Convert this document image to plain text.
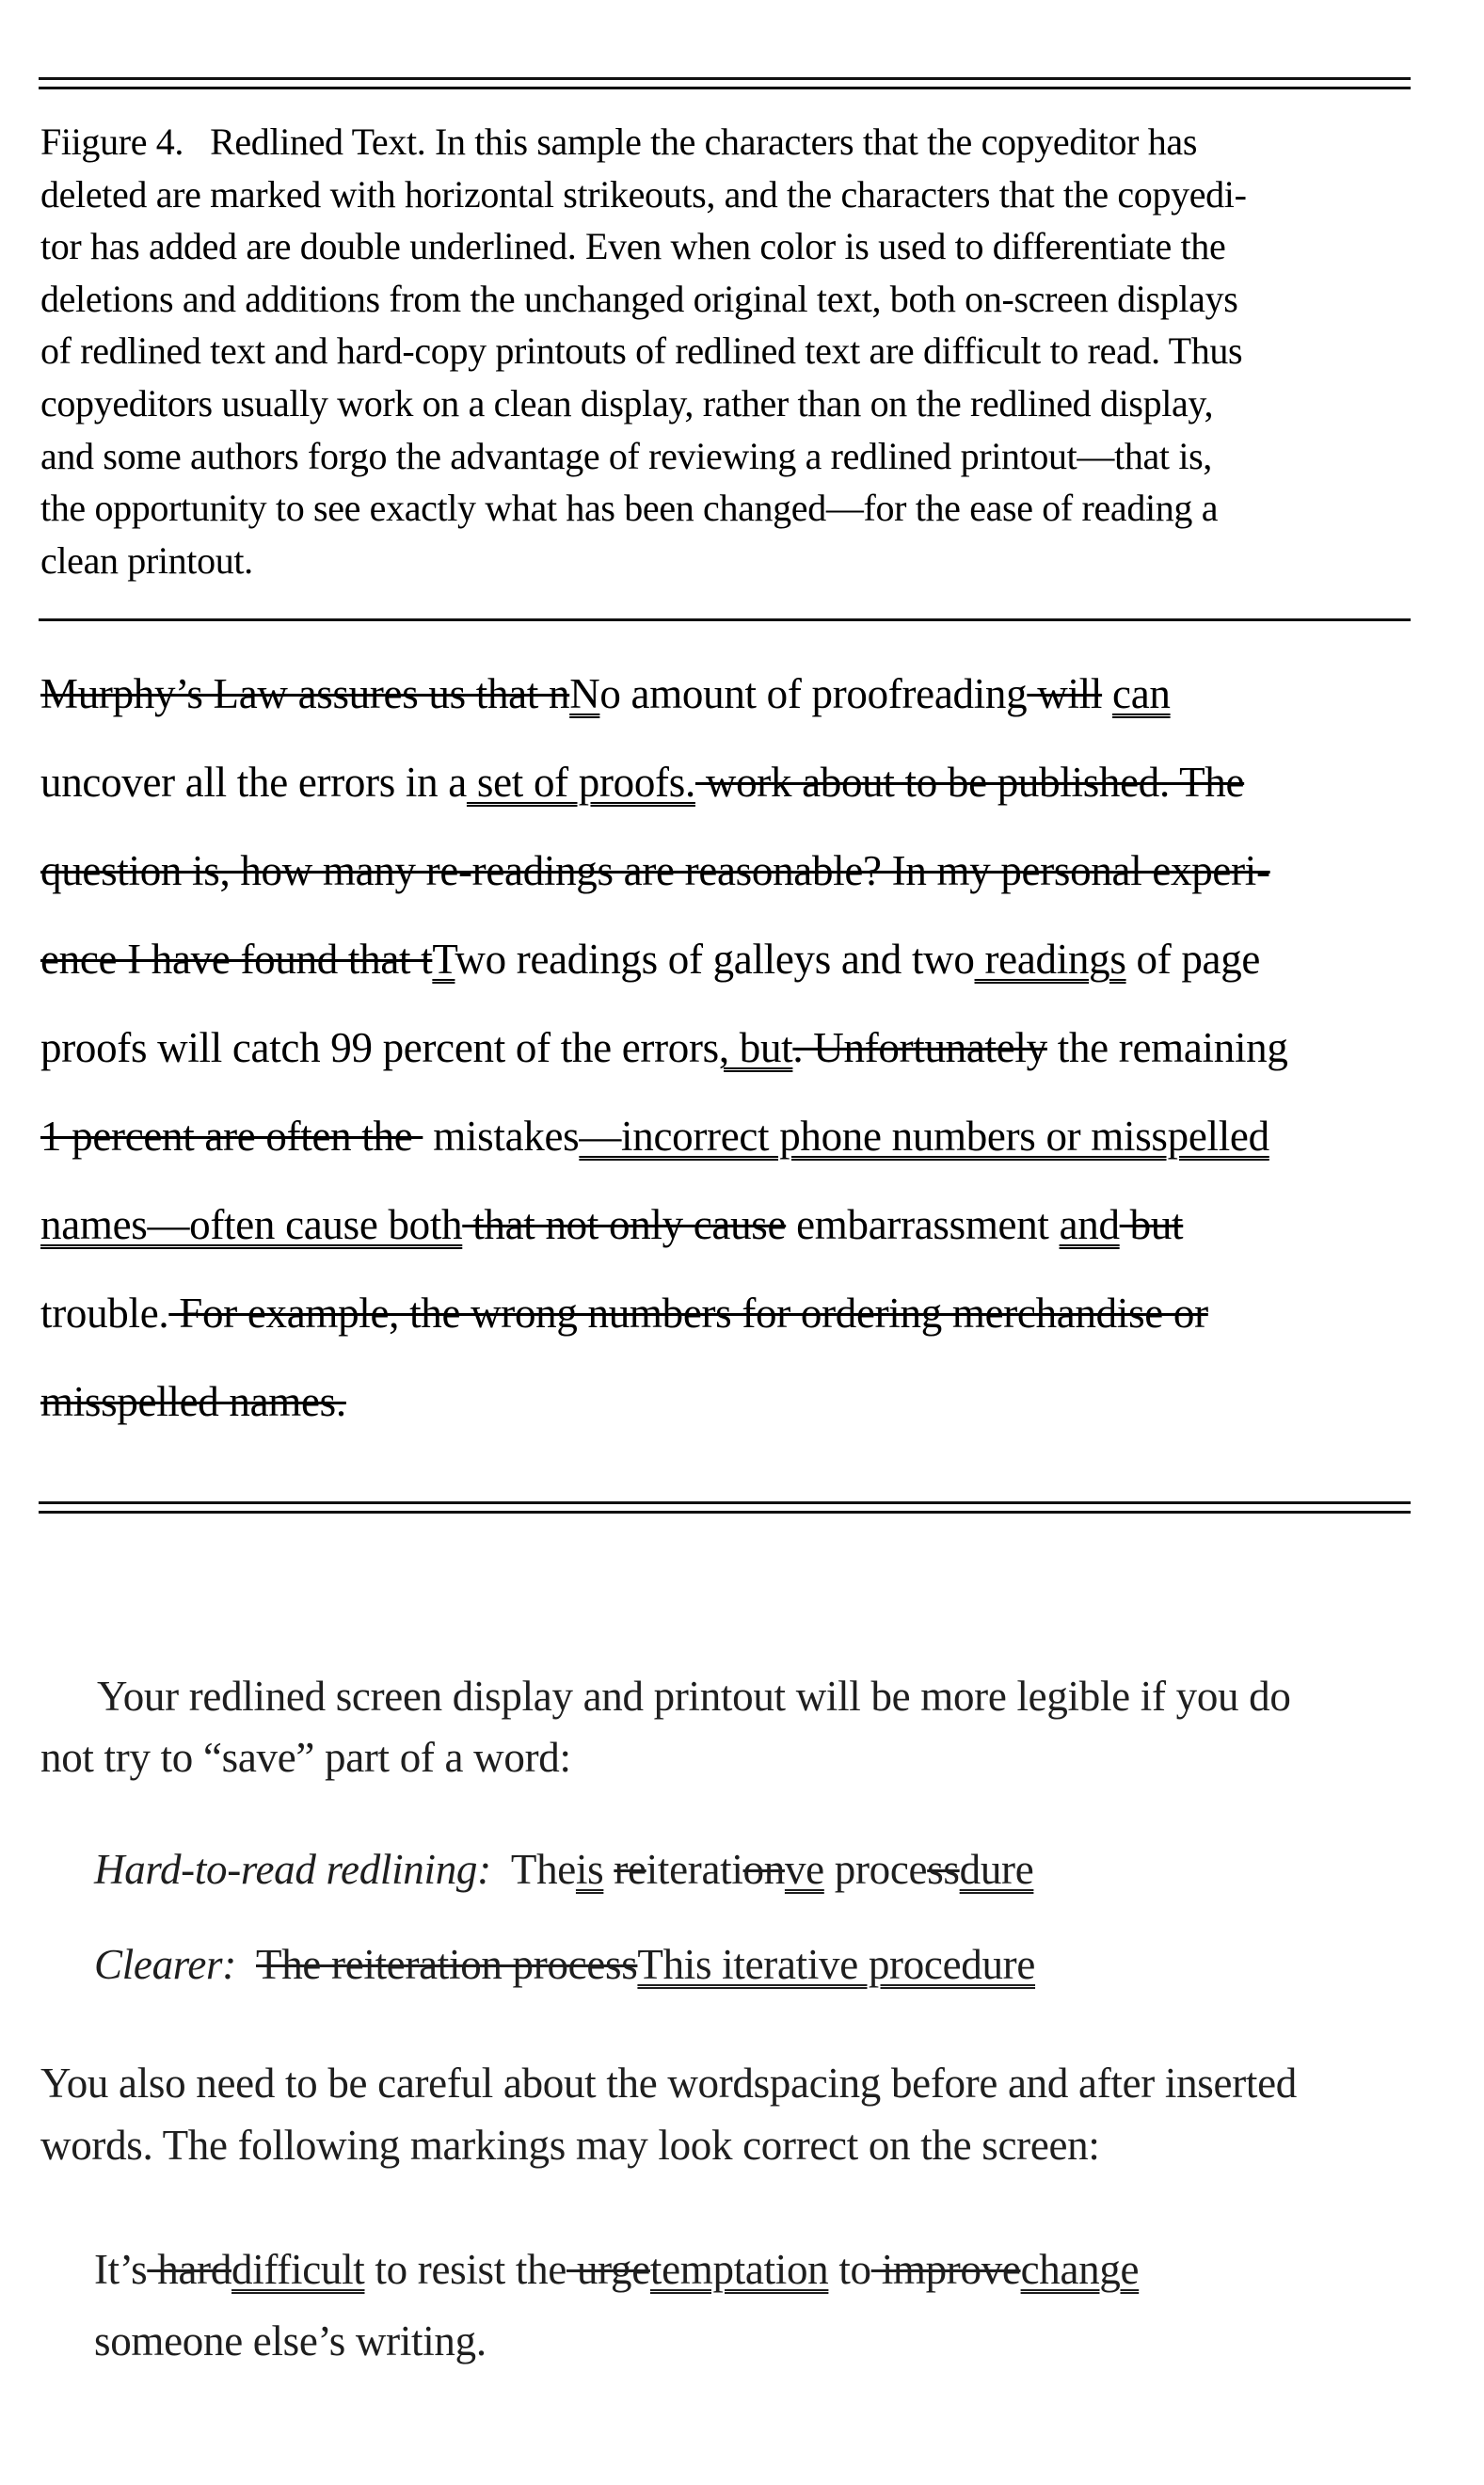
Fiigure 4. Redlined Text. In this sample the characters that the copyeditor has
deleted are marked with horizontal strikeouts, and the characters that the copyedi-
tor has added are double underlined. Even when color is used to differentiate the
deletions and additions from the unchanged original text, both on-screen displays
of redlined text and hard-copy printouts of redlined text are difficult to read. Thus
copyeditors usually work on a clean display, rather than on the redlined display,
and some authors forgo the advantage of reviewing a redlined printout—that is,
the opportunity to see exactly what has been changed—for the ease of reading a
clean printout.
Murphy’s Law assures us that nNo amount of proofreading will can
uncover all the errors in a set of proofs. work about to be published. The
question is, how many re-readings are reasonable? In my personal experi-
ence I have found that tTwo readings of galleys and two readings of page
proofs will catch 99 percent of the errors, but. Unfortunately the remaining
1 percent are often the  mistakes—incorrect phone numbers or misspelled
names—often cause both that not only cause embarrassment and but
trouble. For example, the wrong numbers for ordering merchandise or
misspelled names.
Your redlined screen display and printout will be more legible if you do
not try to “save” part of a word:
Hard-to-read redlining:  Theis reiterationve processdure
Clearer: The reiteration processThis iterative procedure
You also need to be careful about the wordspacing before and after inserted
words. The following markings may look correct on the screen:
It’s harddifficult to resist the urgetemptation to improvechange
someone else’s writing.
